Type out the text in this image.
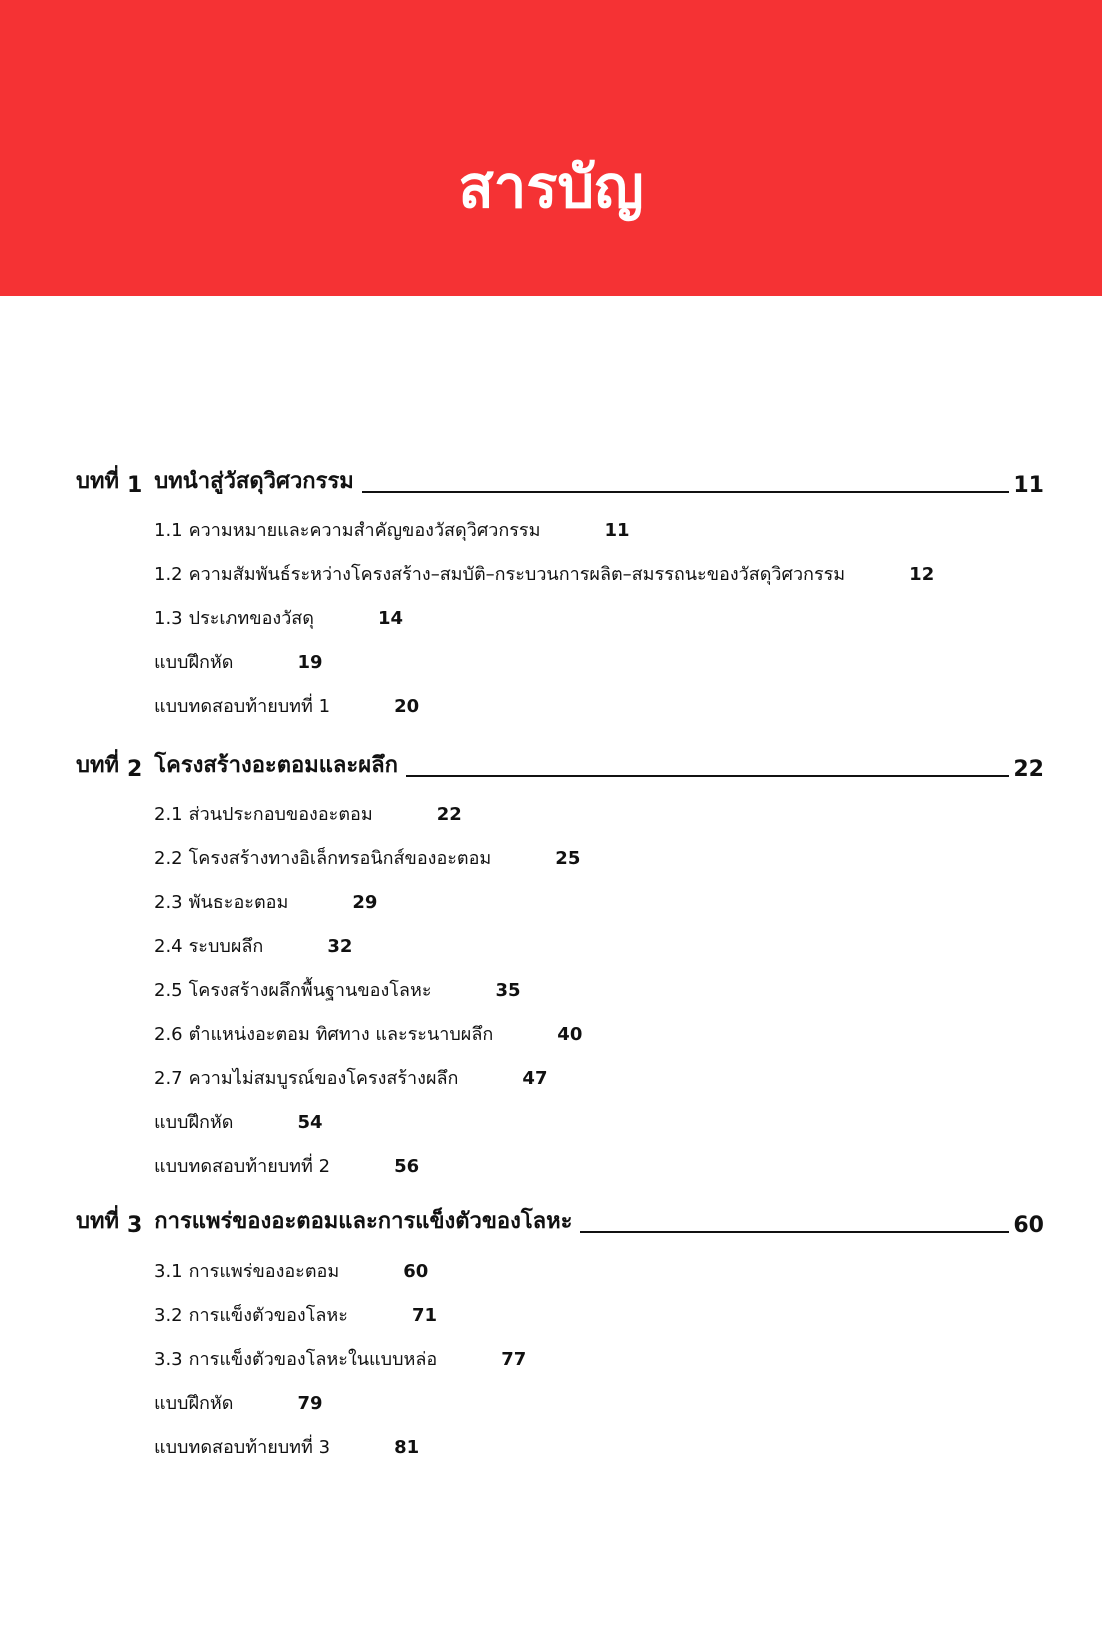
สารบัญ
บทที่ 1 บทนำสู่วัสดุวิศวกรรม	11
1.1 ความหมายและความสำคัญของวัสดุวิศวกรรม	11
1.2 ความสัมพันธ์ระหว่างโครงสร้าง–สมบัติ–กระบวนการผลิต–สมรรถนะของวัสดุวิศวกรรม	12
1.3 ประเภทของวัสดุ	14
แบบฝึกหัด	19
แบบทดสอบท้ายบทที่ 1	20
บทที่ 2 โครงสร้างอะตอมและผลึก	22
2.1 ส่วนประกอบของอะตอม	22
2.2 โครงสร้างทางอิเล็กทรอนิกส์ของอะตอม	25
2.3 พันธะอะตอม	29
2.4 ระบบผลึก	32
2.5 โครงสร้างผลึกพื้นฐานของโลหะ	35
2.6 ตำแหน่งอะตอม ทิศทาง และระนาบผลึก	40
2.7 ความไม่สมบูรณ์ของโครงสร้างผลึก	47
แบบฝึกหัด	54
แบบทดสอบท้ายบทที่ 2	56
บทที่ 3 การแพร่ของอะตอมและการแข็งตัวของโลหะ	60
3.1 การแพร่ของอะตอม	60
3.2 การแข็งตัวของโลหะ	71
3.3 การแข็งตัวของโลหะในแบบหล่อ	77
แบบฝึกหัด	79
แบบทดสอบท้ายบทที่ 3	81
